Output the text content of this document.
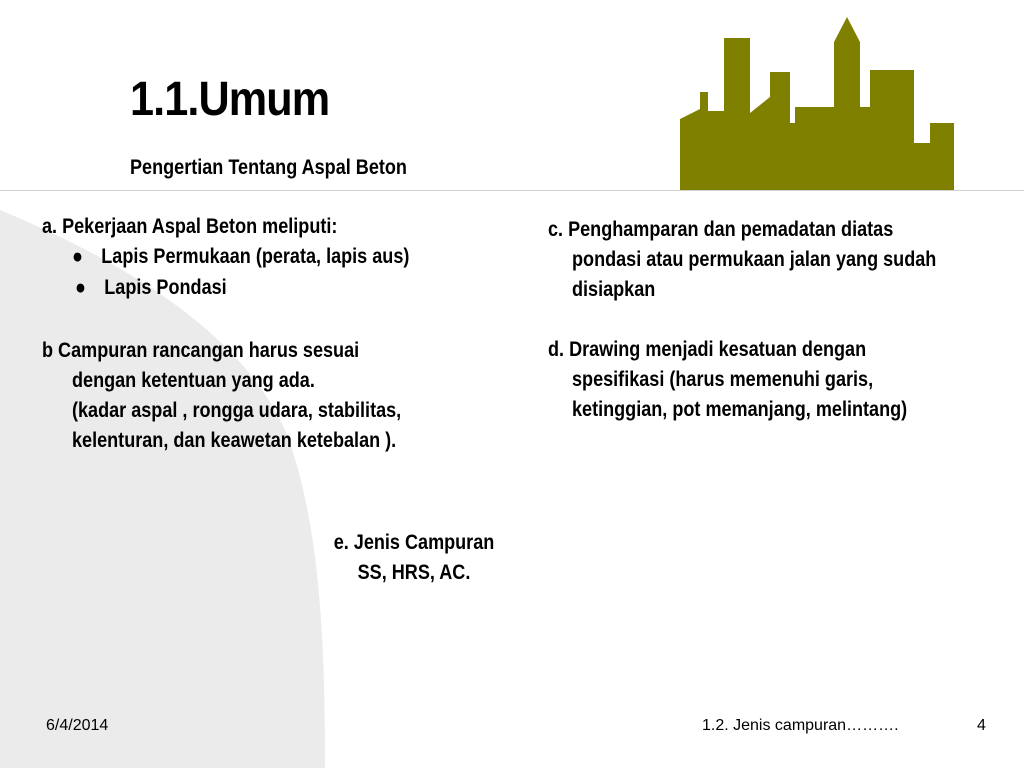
1.1.Umum
Pengertian Tentang Aspal Beton
a. Pekerjaan Aspal Beton meliputi:
● Lapis Permukaan (perata, lapis aus)
● Lapis Pondasi
b Campuran rancangan harus sesuai
dengan ketentuan yang ada.
(kadar aspal , rongga udara, stabilitas,
kelenturan, dan keawetan ketebalan ).
c. Penghamparan dan pemadatan diatas
pondasi atau permukaan jalan yang sudah
disiapkan
d. Drawing menjadi kesatuan dengan
spesifikasi (harus memenuhi garis,
ketinggian, pot memanjang, melintang)
e. Jenis Campuran
SS, HRS, AC.
6/4/2014	1.2. Jenis campuran……….	4
